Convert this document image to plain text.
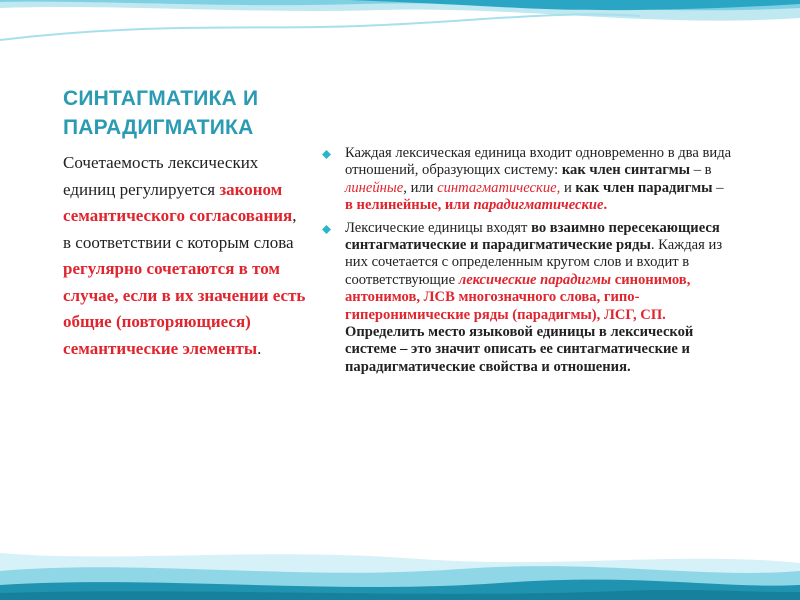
СИНТАГМАТИКА И ПАРАДИГМАТИКА

Сочетаемость лексических единиц регулируется законом семантического согласования, в соответствии с которым слова регулярно сочетаются в том случае, если в их значении есть общие (повторяющиеся) семантические элементы.

Каждая лексическая единица входит одновременно в два вида отношений, образующих систему: как член синтагмы – в линейные, или синтагматические, и как член парадигмы – в нелинейные, или парадигматические.
Лексические единицы входят во взаимно пересекающиеся синтагматические и парадигматические ряды. Каждая из них сочетается с определенным кругом слов и входит в соответствующие лексические парадигмы синонимов, антонимов, ЛСВ многозначного слова, гипо-гиперонимические ряды (парадигмы), ЛСГ, СП. Определить место языковой единицы в лексической системе – это значит описать ее синтагматические и парадигматические свойства и отношения.
